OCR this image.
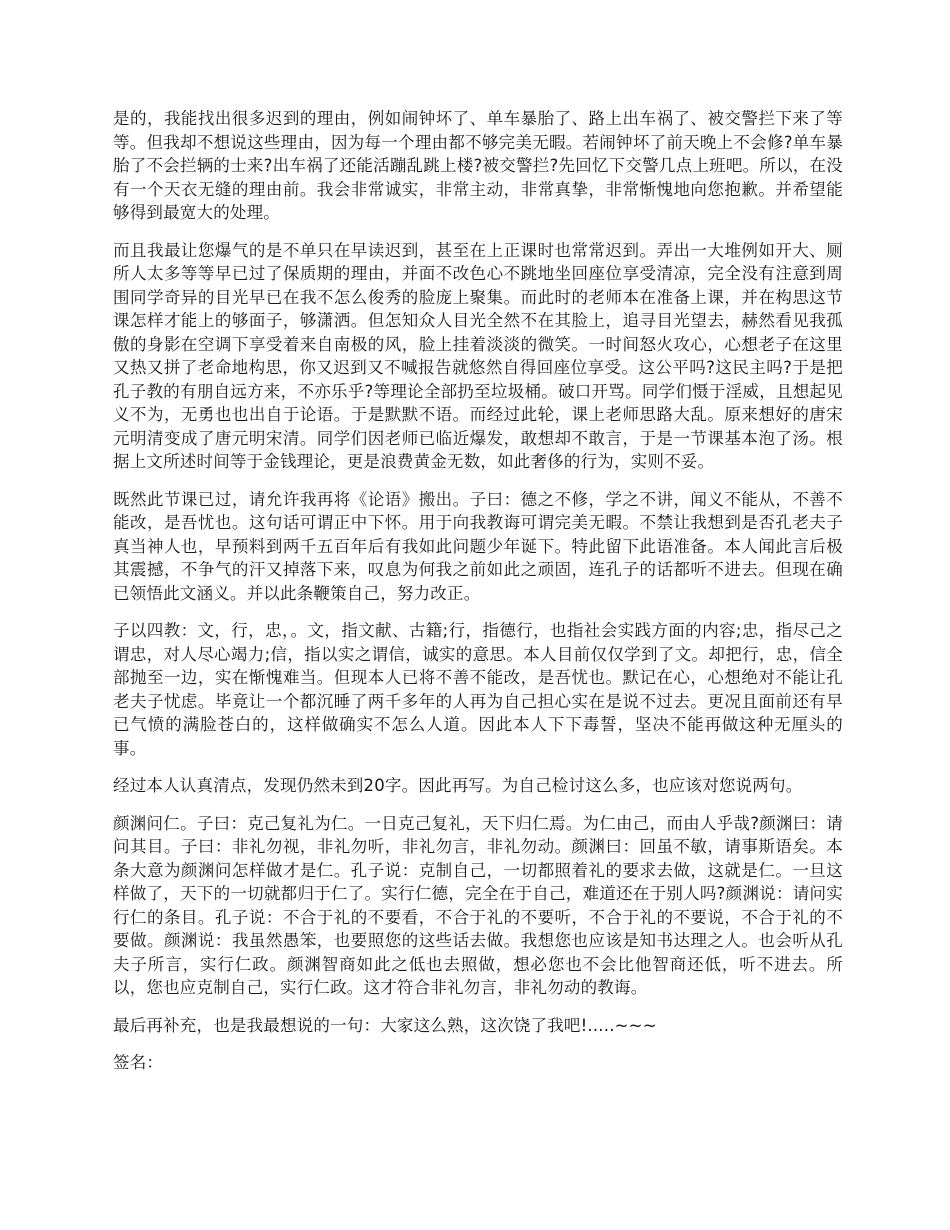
是的，我能找出很多迟到的理由，例如闹钟坏了、单车暴胎了、路上出车祸了、被交警拦下来了等等。但我却不想说这些理由，因为每一个理由都不够完美无暇。若闹钟坏了前天晚上不会修?单车暴胎了不会拦辆的士来?出车祸了还能活蹦乱跳上楼?被交警拦?先回忆下交警几点上班吧。所以，在没有一个天衣无缝的理由前。我会非常诚实，非常主动，非常真挚，非常惭愧地向您抱歉。并希望能够得到最宽大的处理。

而且我最让您爆气的是不单只在早读迟到，甚至在上正课时也常常迟到。弄出一大堆例如开大、厕所人太多等等早已过了保质期的理由，并面不改色心不跳地坐回座位享受清凉，完全没有注意到周围同学奇异的目光早已在我不怎么俊秀的脸庞上聚集。而此时的老师本在准备上课，并在构思这节课怎样才能上的够面子，够潇洒。但怎知众人目光全然不在其脸上，追寻目光望去，赫然看见我孤傲的身影在空调下享受着来自南极的风，脸上挂着淡淡的微笑。一时间怒火攻心，心想老子在这里又热又拼了老命地构思，你又迟到又不喊报告就悠然自得回座位享受。这公平吗?这民主吗?于是把孔子教的有朋自远方来，不亦乐乎?等理论全部扔至垃圾桶。破口开骂。同学们慑于淫威，且想起见义不为，无勇也也出自于论语。于是默默不语。而经过此轮，课上老师思路大乱。原来想好的唐宋元明清变成了唐元明宋清。同学们因老师已临近爆发，敢想却不敢言，于是一节课基本泡了汤。根据上文所述时间等于金钱理论，更是浪费黄金无数，如此奢侈的行为，实则不妥。

既然此节课已过，请允许我再将《论语》搬出。子曰：德之不修，学之不讲，闻义不能从，不善不能改，是吾忧也。这句话可谓正中下怀。用于向我教诲可谓完美无暇。不禁让我想到是否孔老夫子真当神人也，早预料到两千五百年后有我如此问题少年诞下。特此留下此语准备。本人闻此言后极其震撼，不争气的汗又掉落下来，叹息为何我之前如此之顽固，连孔子的话都听不进去。但现在确已领悟此文涵义。并以此条鞭策自己，努力改正。

子以四教：文，行，忠，。文，指文献、古籍;行，指德行，也指社会实践方面的内容;忠，指尽己之谓忠，对人尽心竭力;信，指以实之谓信，诚实的意思。本人目前仅仅学到了文。却把行，忠，信全部抛至一边，实在惭愧难当。但现本人已将不善不能改，是吾忧也。默记在心，心想绝对不能让孔老夫子忧虑。毕竟让一个都沉睡了两千多年的人再为自己担心实在是说不过去。更况且面前还有早已气愤的满脸苍白的，这样做确实不怎么人道。因此本人下下毒誓，坚决不能再做这种无厘头的事。

经过本人认真清点，发现仍然未到20字。因此再写。为自己检讨这么多，也应该对您说两句。

颜渊问仁。子曰：克己复礼为仁。一日克己复礼，天下归仁焉。为仁由己，而由人乎哉?颜渊曰：请问其目。子曰：非礼勿视，非礼勿听，非礼勿言，非礼勿动。颜渊曰：回虽不敏，请事斯语矣。本条大意为颜渊问怎样做才是仁。孔子说：克制自己，一切都照着礼的要求去做，这就是仁。一旦这样做了，天下的一切就都归于仁了。实行仁德，完全在于自己，难道还在于别人吗?颜渊说：请问实行仁的条目。孔子说：不合于礼的不要看，不合于礼的不要听，不合于礼的不要说，不合于礼的不要做。颜渊说：我虽然愚笨，也要照您的这些话去做。我想您也应该是知书达理之人。也会听从孔夫子所言，实行仁政。颜渊智商如此之低也去照做，想必您也不会比他智商还低，听不进去。所以，您也应克制自己，实行仁政。这才符合非礼勿言，非礼勿动的教诲。

最后再补充，也是我最想说的一句：大家这么熟，这次饶了我吧!.....~~~

签名：
